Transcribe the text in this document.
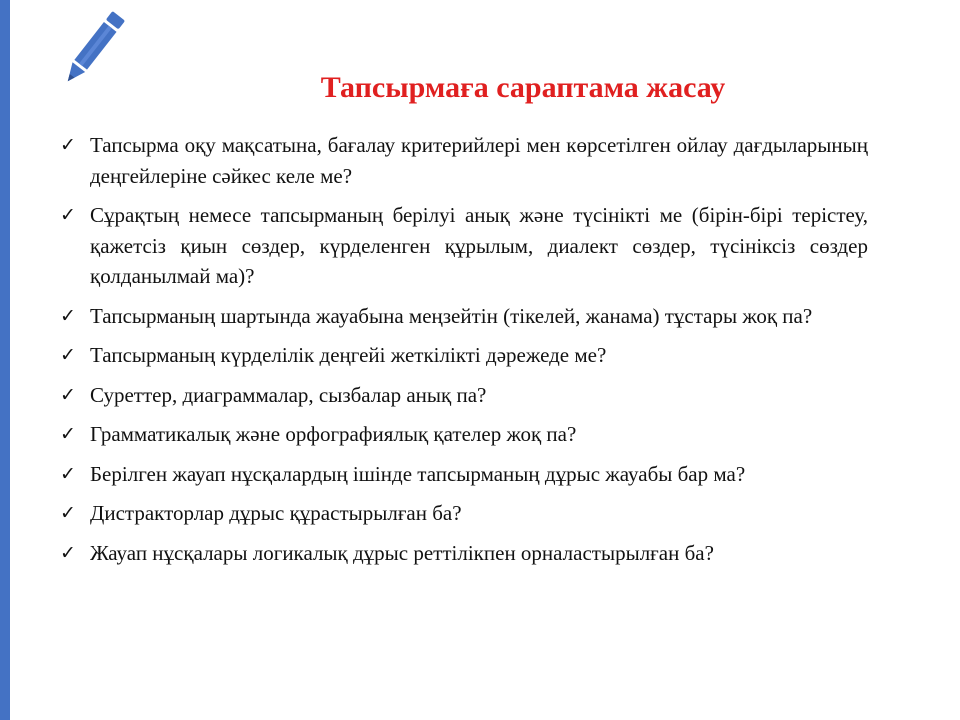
Тапсырмаға сараптама жасау
✓ Тапсырма оқу мақсатына, бағалау критерийлері мен көрсетілген ойлау дағдыларының деңгейлеріне сәйкес келе ме?
✓ Сұрақтың немесе тапсырманың берілуі анық және түсінікті ме (бірін-бірі терістеу, қажетсіз қиын сөздер, күрделенген құрылым, диалект сөздер, түсініксіз сөздер қолданылмай ма)?
✓ Тапсырманың шартында жауабына меңзейтін (тікелей, жанама) тұстары жоқ па?
✓ Тапсырманың күрделілік деңгейі жеткілікті дәрежеде ме?
✓ Суреттер, диаграммалар, сызбалар анық па?
✓ Грамматикалық және орфографиялық қателер жоқ па?
✓ Берілген жауап нұсқалардың ішінде тапсырманың дұрыс жауабы бар ма?
✓ Дистракторлар дұрыс құрастырылған ба?
✓ Жауап нұсқалары логикалық дұрыс реттілікпен орналастырылған ба?
